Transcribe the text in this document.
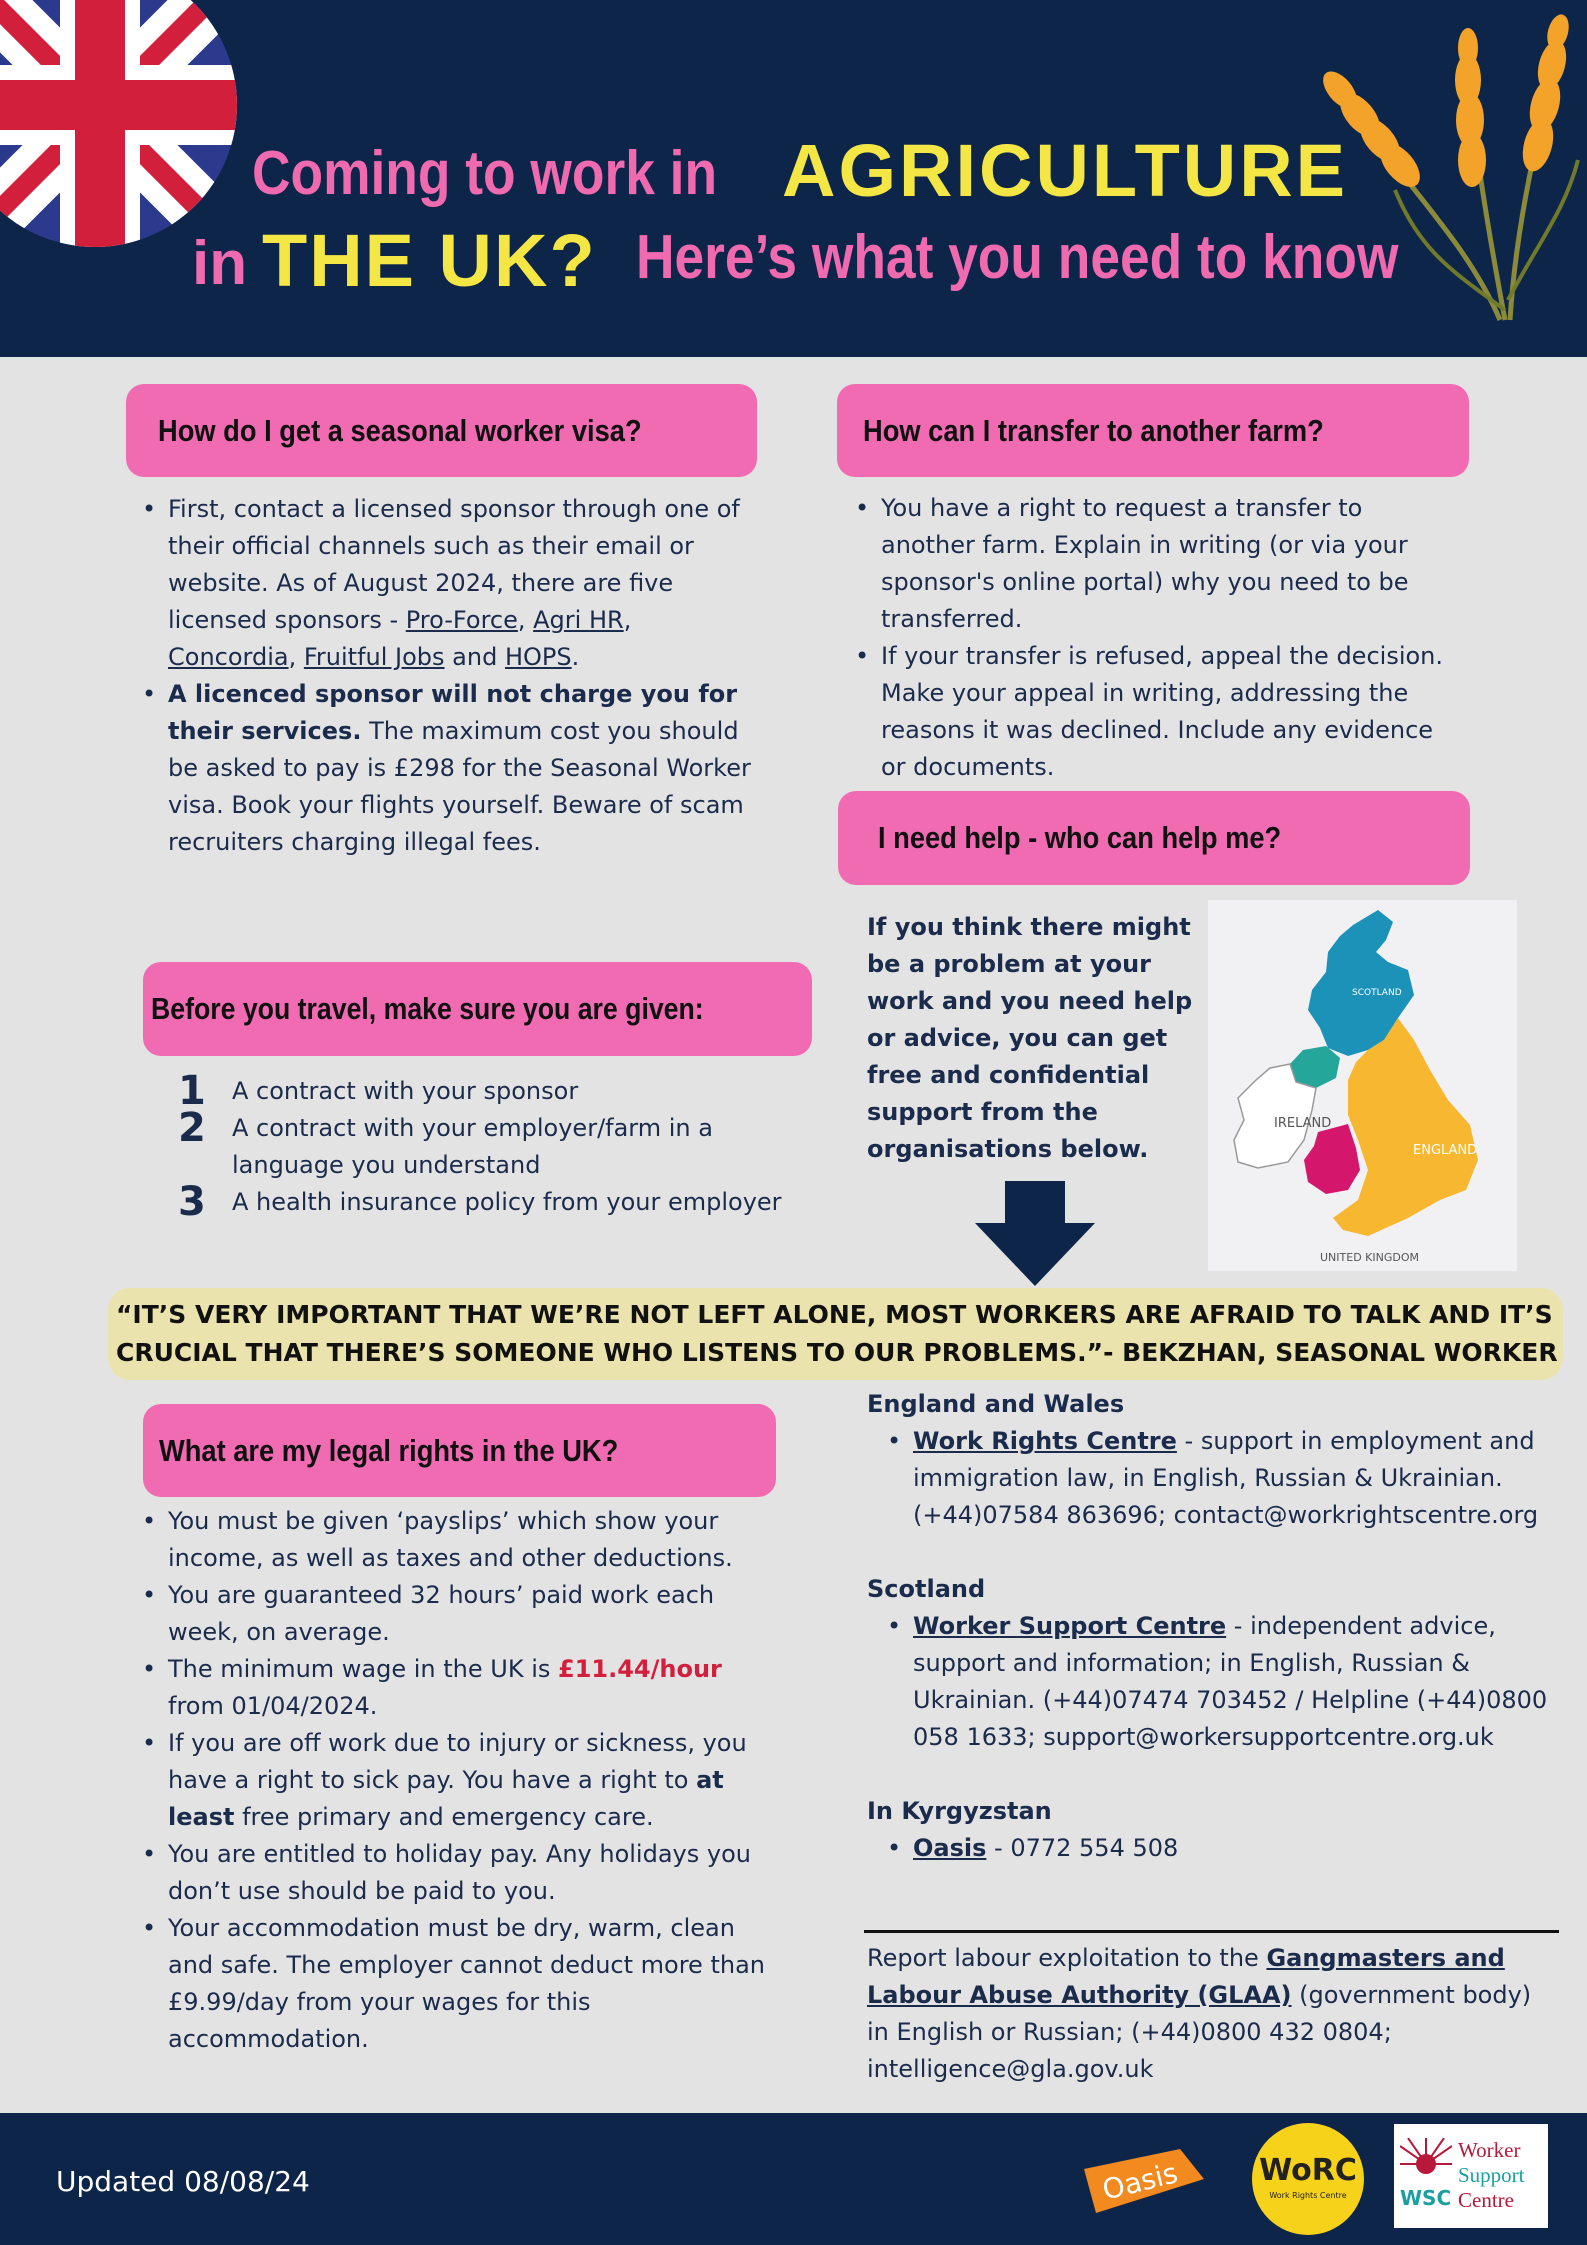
Coming to work in AGRICULTURE
in THE UK? Here’s what you need to know
How do I get a seasonal worker visa?
• First, contact a licensed sponsor through one of their official channels such as their email or website. As of August 2024, there are five licensed sponsors - Pro-Force, Agri HR, Concordia, Fruitful Jobs and HOPS.
• A licenced sponsor will not charge you for their services. The maximum cost you should be asked to pay is £298 for the Seasonal Worker visa. Book your flights yourself. Beware of scam recruiters charging illegal fees.
How can I transfer to another farm?
• You have a right to request a transfer to another farm. Explain in writing (or via your sponsor's online portal) why you need to be transferred.
• If your transfer is refused, appeal the decision. Make your appeal in writing, addressing the reasons it was declined. Include any evidence or documents.
I need help - who can help me?
If you think there might be a problem at your work and you need help or advice, you can get free and confidential support from the organisations below.
SCOTLAND
IRELAND
ENGLAND
UNITED KINGDOM
Before you travel, make sure you are given:
1	A contract with your sponsor
2	A contract with your employer/farm in a language you understand
3	A health insurance policy from your employer
“IT’S VERY IMPORTANT THAT WE’RE NOT LEFT ALONE, MOST WORKERS ARE AFRAID TO TALK AND IT’S
CRUCIAL THAT THERE’S SOMEONE WHO LISTENS TO OUR PROBLEMS.”- BEKZHAN, SEASONAL WORKER
What are my legal rights in the UK?
• You must be given ‘payslips’ which show your income, as well as taxes and other deductions.
• You are guaranteed 32 hours’ paid work each week, on average.
• The minimum wage in the UK is £11.44/hour from 01/04/2024.
• If you are off work due to injury or sickness, you have a right to sick pay. You have a right to at least free primary and emergency care.
• You are entitled to holiday pay. Any holidays you don’t use should be paid to you.
• Your accommodation must be dry, warm, clean and safe. The employer cannot deduct more than £9.99/day from your wages for this accommodation.
England and Wales
• Work Rights Centre - support in employment and immigration law, in English, Russian & Ukrainian. (+44)07584 863696; contact@workrightscentre.org
Scotland
• Worker Support Centre - independent advice, support and information; in English, Russian & Ukrainian. (+44)07474 703452 / Helpline (+44)0800 058 1633; support@workersupportcentre.org.uk
In Kyrgyzstan
• Oasis - 0772 554 508
Report labour exploitation to the Gangmasters and Labour Abuse Authority (GLAA) (government body) in English or Russian; (+44)0800 432 0804; intelligence@gla.gov.uk
Updated 08/08/24	Oasis	WoRC
Work Rights Centre	WSC
Worker
Support
Centre
